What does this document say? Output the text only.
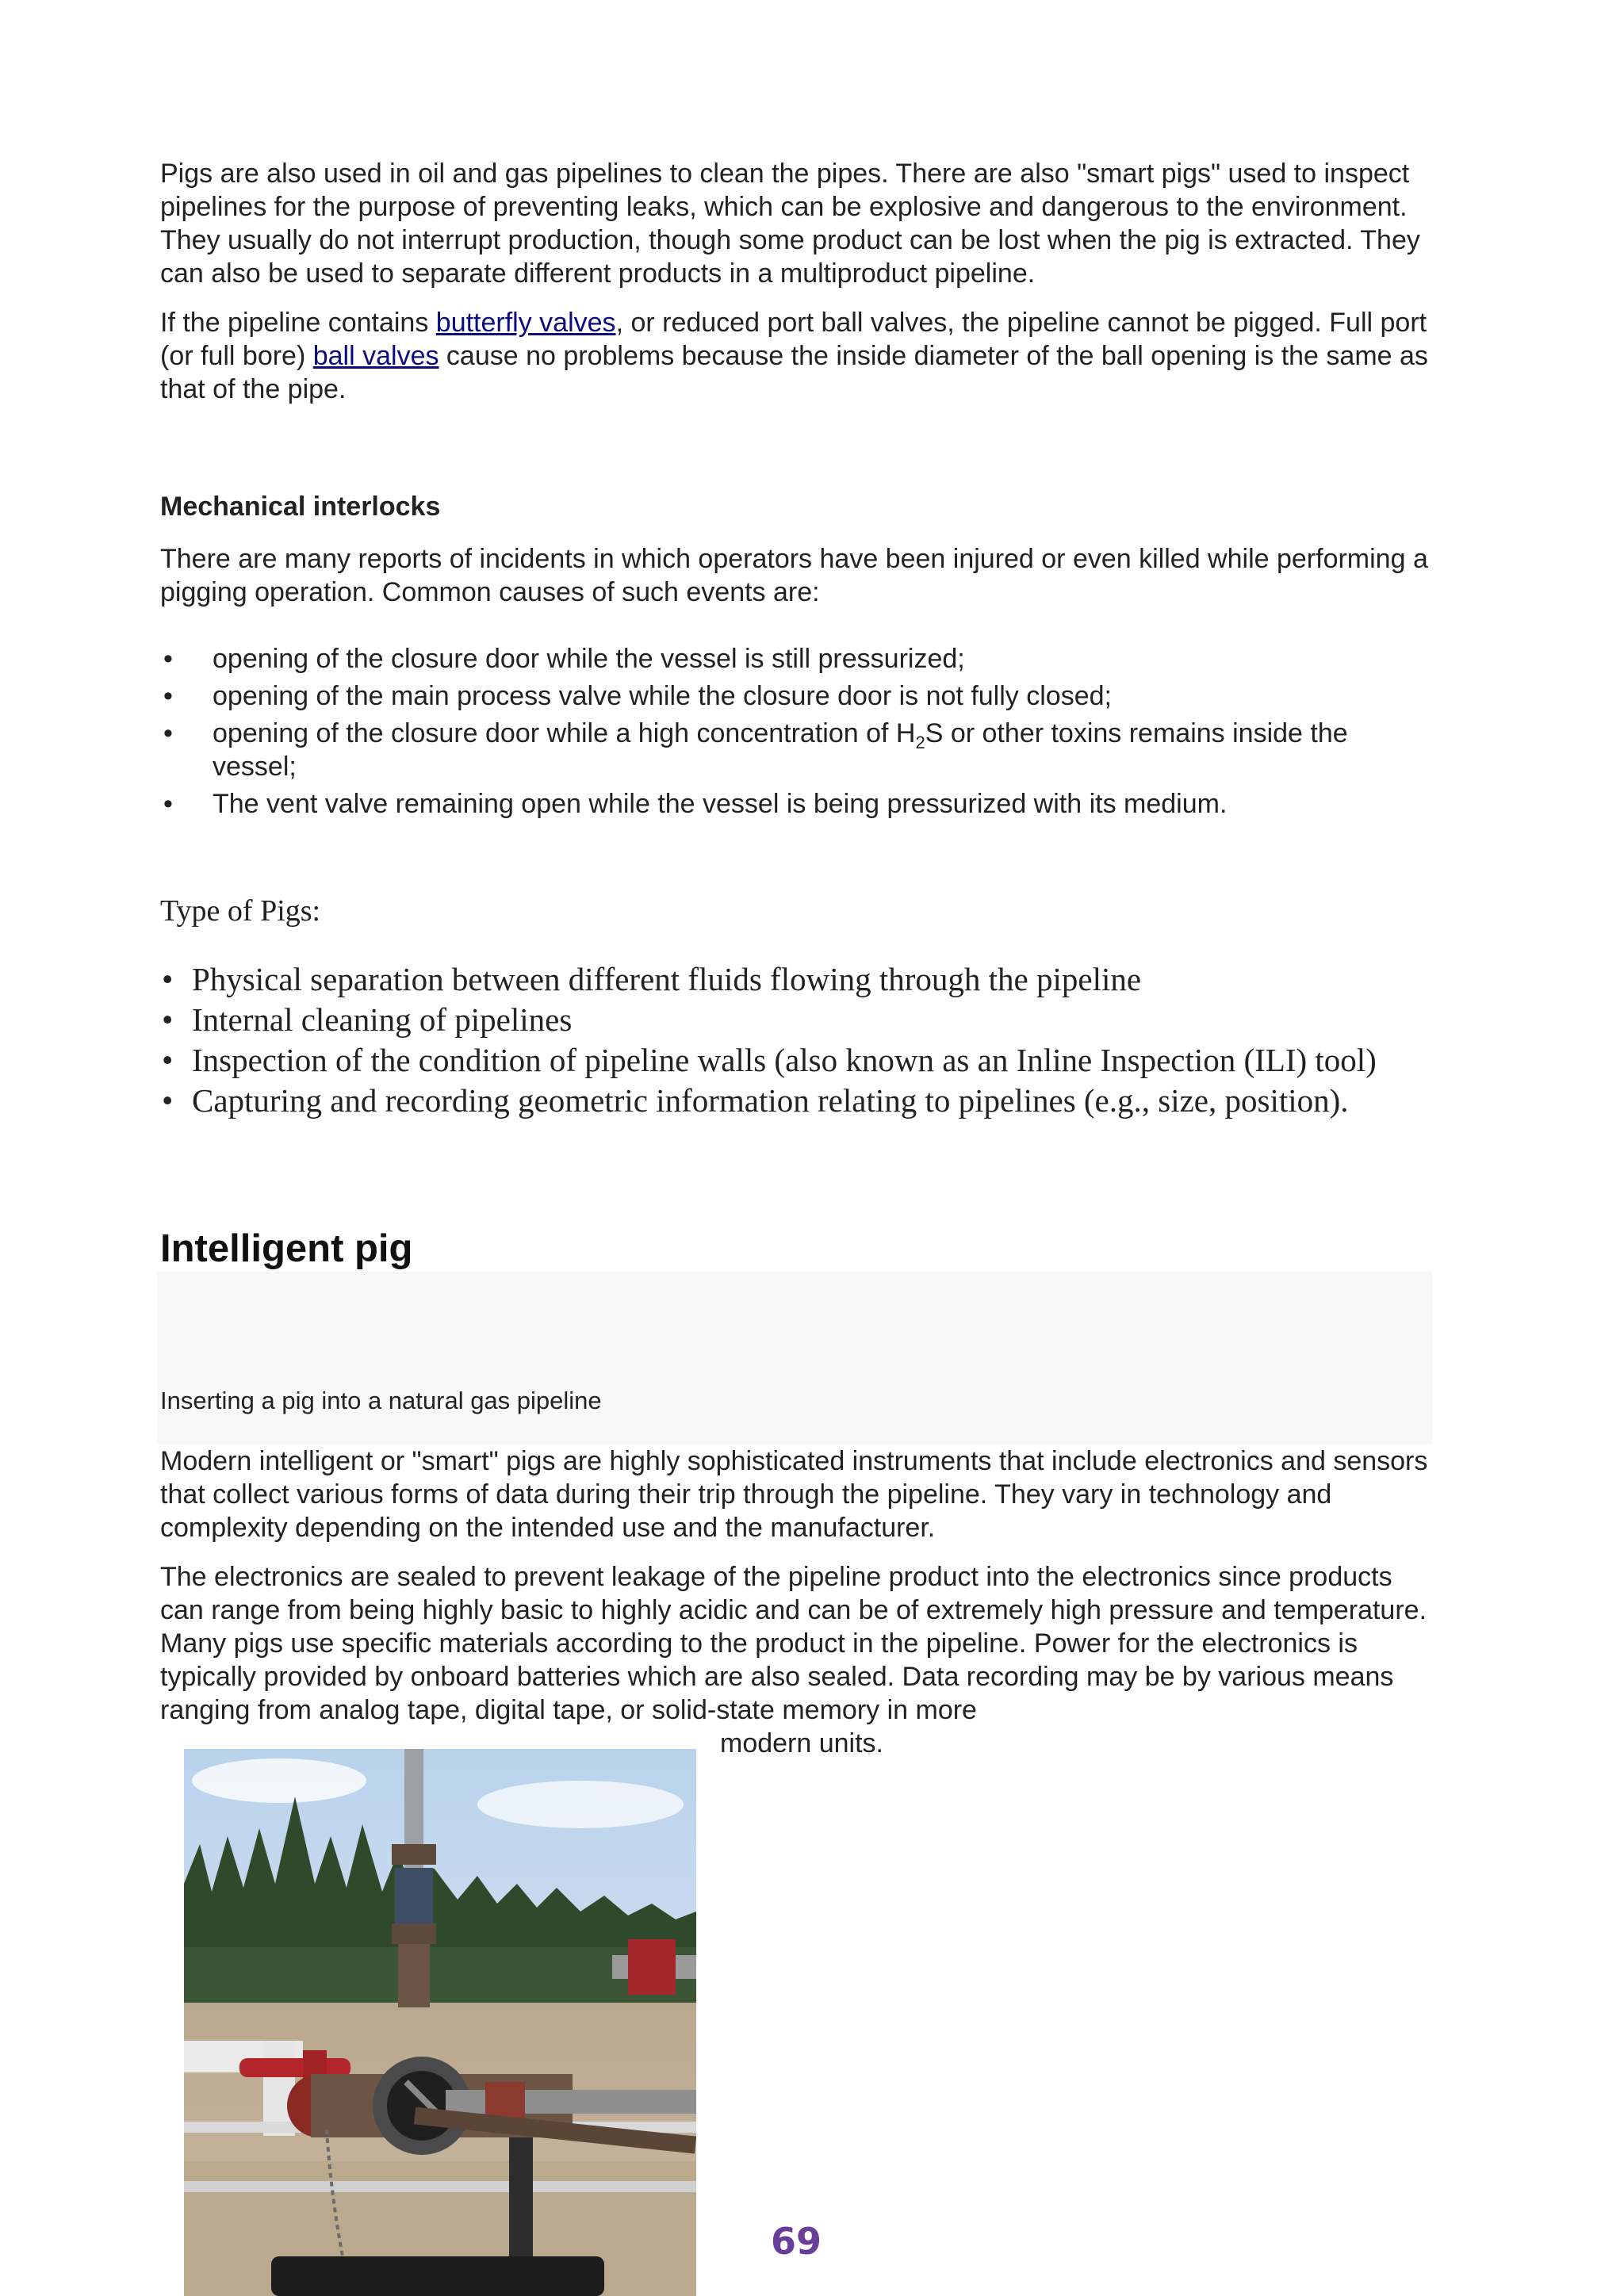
Pigs are also used in oil and gas pipelines to clean the pipes. There are also "smart pigs" used to inspect pipelines for the purpose of preventing leaks, which can be explosive and dangerous to the environment. They usually do not interrupt production, though some product can be lost when the pig is extracted. They can also be used to separate different products in a multiproduct pipeline.

If the pipeline contains butterfly valves, or reduced port ball valves, the pipeline cannot be pigged. Full port (or full bore) ball valves cause no problems because the inside diameter of the ball opening is the same as that of the pipe.

Mechanical interlocks

There are many reports of incidents in which operators have been injured or even killed while performing a pigging operation. Common causes of such events are:

• opening of the closure door while the vessel is still pressurized;
• opening of the main process valve while the closure door is not fully closed;
• opening of the closure door while a high concentration of $H_2S$ or other toxins remains inside the vessel;
• The vent valve remaining open while the vessel is being pressurized with its medium.

Type of Pigs:

• Physical separation between different fluids flowing through the pipeline
• Internal cleaning of pipelines
• Inspection of the condition of pipeline walls (also known as an Inline Inspection (ILI) tool)
• Capturing and recording geometric information relating to pipelines (e.g., size, position).
Intelligent pig
Inserting a pig into a natural gas pipeline

Modern intelligent or "smart" pigs are highly sophisticated instruments that include electronics and sensors that collect various forms of data during their trip through the pipeline. They vary in technology and complexity depending on the intended use and the manufacturer.

The electronics are sealed to prevent leakage of the pipeline product into the electronics since products can range from being highly basic to highly acidic and can be of extremely high pressure and temperature. Many pigs use specific materials according to the product in the pipeline. Power for the electronics is typically provided by onboard batteries which are also sealed. Data recording may be by various means ranging from analog tape, digital tape, or solid-state memory in more

modern units.

69
